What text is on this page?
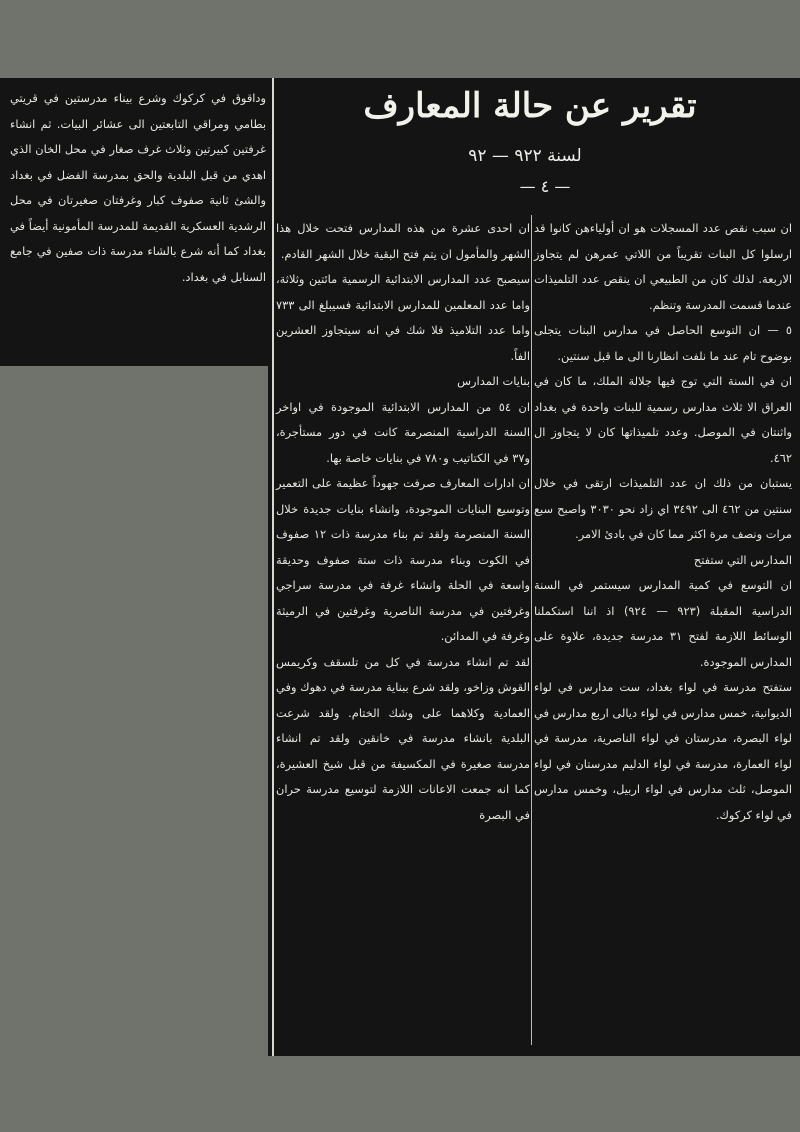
وداقوق في كركوك وشرع بيناء مدرستين في قريتي بطامي ومراقي التابعتين الى عشائر البيات. ثم انشاء غرفتين كبيرتين وثلاث غرف صغار في محل الخان الذي اهدي من قبل البلدية والحق بمدرسة الفضل في بغداد والشئ ثانية صفوف كبار وغرفتان صغيرتان في محل الرشدية العسكرية القديمة للمدرسة المأمونية أيضاً في بغداد كما أنه شرع بالشاء مدرسة ذات صفين في جامع السنابل في بغداد.

تقرير عن حالة المعارف
لسنة ٩٢٢ — ٩٢
— ٤ —

ان سبب نقص عدد المسجلات هو ان أولياءهن كانوا قد ارسلوا كل البنات تقريباً من اللاتي عمرهن لم يتجاوز الاربعة. لذلك كان من الطبيعي ان ينقص عدد التلميذات عندما قسمت المدرسة وتنظم.

٥ — ان التوسع الحاصل في مدارس البنات يتجلى بوضوح تام عند ما نلفت انظارنا الى ما قبل سنتين.

ان في السنة التي توج فيها جلالة الملك، ما كان في العراق الا ثلاث مدارس رسمية للبنات واحدة في بغداد واثنتان في الموصل. وعدد تلميذاتها كان لا يتجاوز ال ٤٦٢.

يستبان من ذلك ان عدد التلميذات ارتقى في خلال سنتين من ٤٦٢ الى ٣٤٩٢ اي زاد نحو ٣٠٣٠ واصبح سبع مرات ونصف مرة اكثر مما كان في بادئ الامر.

المدارس التي ستفتح

ان التوسع في كمية المدارس سيستمر في السنة الدراسية المقبلة (٩٢٣ — ٩٢٤) اذ اننا استكملنا الوسائط اللازمة لفتح ٣١ مدرسة جديدة، علاوة على المدارس الموجودة.

ستفتح مدرسة في لواء بغداد، ست مدارس في لواء الديوانية، خمس مدارس في لواء ديالى اربع مدارس في لواء البصرة، مدرستان في لواء الناصرية، مدرسة في لواء العمارة، مدرسة في لواء الدليم مدرستان في لواء الموصل، ثلث مدارس في لواء اربيل، وخمس مدارس في لواء كركوك.

ان احدى عشرة من هذه المدارس فتحت خلال هذا الشهر والمأمول ان يتم فتح البقية خلال الشهر القادم.

سيصبح عدد المدارس الابتدائية الرسمية مائتين وثلاثة، واما عدد المعلمين للمدارس الابتدائية فسيبلغ الى ٧٣٣ واما عدد التلاميذ فلا شك في انه سيتجاوز العشرين الفاً.

بنايات المدارس

ان ٥٤ من المدارس الابتدائية الموجودة في اواخر السنة الدراسية المنصرمة كانت في دور مستأجرة، و٣٧ في الكتاتيب و٧٨٠ في بنايات خاصة بها.

ان ادارات المعارف صرفت جهوداً عظيمة على التعمير وتوسيع البنايات الموجودة، وانشاء بنايات جديدة خلال السنة المنصرمة ولقد تم بناء مدرسة ذات ١٢ صفوف في الكوت وبناء مدرسة ذات ستة صفوف وحديقة واسعة في الحلة وانشاء غرفة في مدرسة سراجي وغرفتين في مدرسة الناصرية وغرفتين في الرميثة وغرفة في المدائن.

لقد تم انشاء مدرسة في كل من تلسقف وكريمس القوش وزاخو، ولقد شرع ببناية مدرسة في دهوك وفي العمادية وكلاهما على وشك الختام. ولقد شرعت البلدية بانشاء مدرسة في خانقين ولقد تم انشاء مدرسة صغيرة في المكسيفة من قبل شيخ العشيرة، كما انه جمعت الاعانات اللازمة لتوسيع مدرسة حران في البصرة
